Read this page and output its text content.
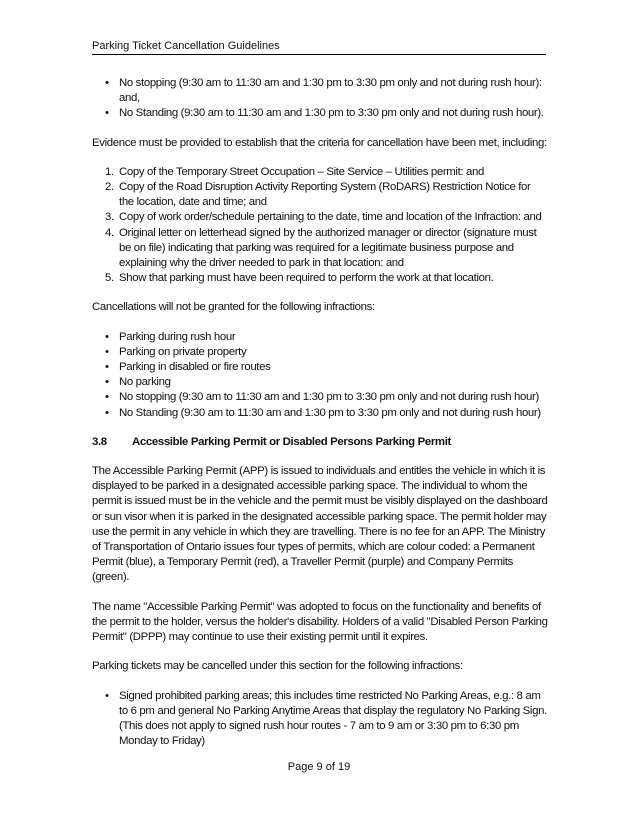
Parking Ticket Cancellation Guidelines
• No stopping (9:30 am to 11:30 am and 1:30 pm to 3:30 pm only and not during rush hour): and,
• No Standing (9:30 am to 11:30 am and 1:30 pm to 3:30 pm only and not during rush hour).

Evidence must be provided to establish that the criteria for cancellation have been met, including:

1. Copy of the Temporary Street Occupation – Site Service – Utilities permit: and
2. Copy of the Road Disruption Activity Reporting System (RoDARS) Restriction Notice for the location, date and time; and
3. Copy of work order/schedule pertaining to the date, time and location of the Infraction: and
4. Original letter on letterhead signed by the authorized manager or director (signature must be on file) indicating that parking was required for a legitimate business purpose and explaining why the driver needed to park in that location: and
5. Show that parking must have been required to perform the work at that location.

Cancellations will not be granted for the following infractions:

• Parking during rush hour
• Parking on private property
• Parking in disabled or fire routes
• No parking
• No stopping (9:30 am to 11:30 am and 1:30 pm to 3:30 pm only and not during rush hour)
• No Standing (9:30 am to 11:30 am and 1:30 pm to 3:30 pm only and not during rush hour)
3.8 Accessible Parking Permit or Disabled Persons Parking Permit

The Accessible Parking Permit (APP) is issued to individuals and entitles the vehicle in which it is displayed to be parked in a designated accessible parking space. The individual to whom the permit is issued must be in the vehicle and the permit must be visibly displayed on the dashboard or sun visor when it is parked in the designated accessible parking space. The permit holder may use the permit in any vehicle in which they are travelling. There is no fee for an APP. The Ministry of Transportation of Ontario issues four types of permits, which are colour coded: a Permanent Permit (blue), a Temporary Permit (red), a Traveller Permit (purple) and Company Permits (green).

The name "Accessible Parking Permit" was adopted to focus on the functionality and benefits of the permit to the holder, versus the holder's disability. Holders of a valid "Disabled Person Parking Permit" (DPPP) may continue to use their existing permit until it expires.

Parking tickets may be cancelled under this section for the following infractions:

• Signed prohibited parking areas; this includes time restricted No Parking Areas, e.g.: 8 am to 6 pm and general No Parking Anytime Areas that display the regulatory No Parking Sign. (This does not apply to signed rush hour routes - 7 am to 9 am or 3:30 pm to 6:30 pm Monday to Friday)
Page 9 of 19
